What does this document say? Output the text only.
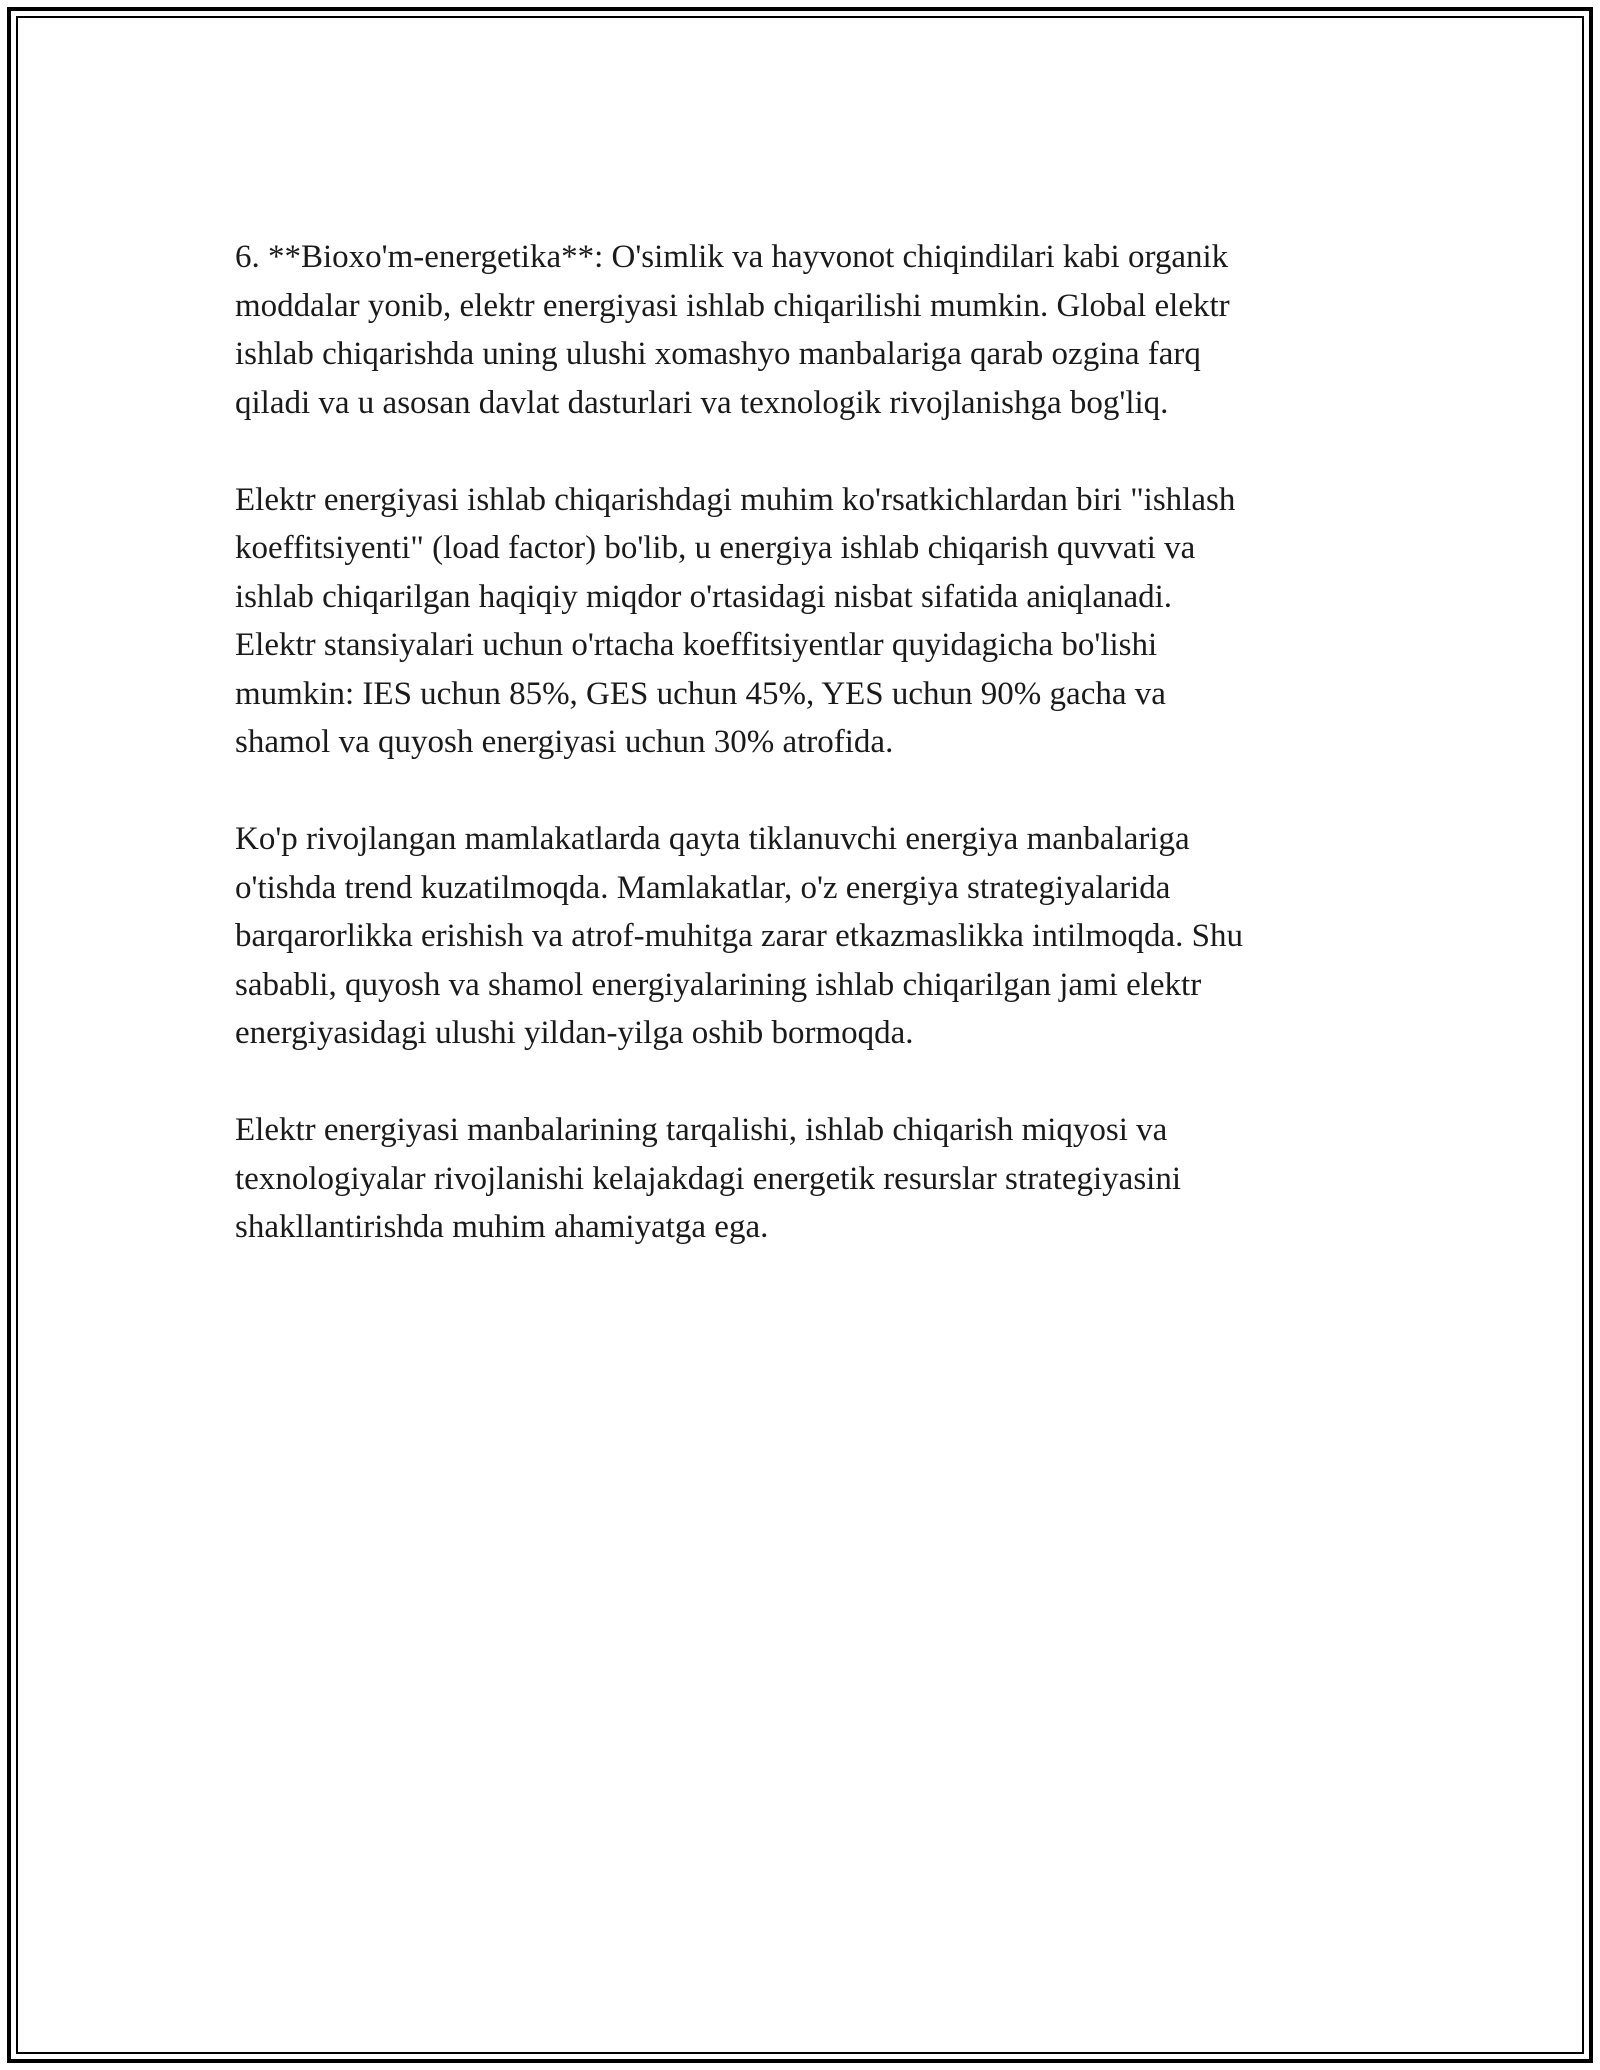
6. **Bioxo'm-energetika**: O'simlik va hayvonot chiqindilari kabi organik
moddalar yonib, elektr energiyasi ishlab chiqarilishi mumkin. Global elektr
ishlab chiqarishda uning ulushi xomashyo manbalariga qarab ozgina farq
qiladi va u asosan davlat dasturlari va texnologik rivojlanishga bog'liq.

Elektr energiyasi ishlab chiqarishdagi muhim ko'rsatkichlardan biri "ishlash
koeffitsiyenti" (load factor) bo'lib, u energiya ishlab chiqarish quvvati va
ishlab chiqarilgan haqiqiy miqdor o'rtasidagi nisbat sifatida aniqlanadi.
Elektr stansiyalari uchun o'rtacha koeffitsiyentlar quyidagicha bo'lishi
mumkin: IES uchun 85%, GES uchun 45%, YES uchun 90% gacha va
shamol va quyosh energiyasi uchun 30% atrofida.

Ko'p rivojlangan mamlakatlarda qayta tiklanuvchi energiya manbalariga
o'tishda trend kuzatilmoqda. Mamlakatlar, o'z energiya strategiyalarida
barqarorlikka erishish va atrof-muhitga zarar etkazmaslikka intilmoqda. Shu
sababli, quyosh va shamol energiyalarining ishlab chiqarilgan jami elektr
energiyasidagi ulushi yildan-yilga oshib bormoqda.

Elektr energiyasi manbalarining tarqalishi, ishlab chiqarish miqyosi va
texnologiyalar rivojlanishi kelajakdagi energetik resurslar strategiyasini
shakllantirishda muhim ahamiyatga ega.
